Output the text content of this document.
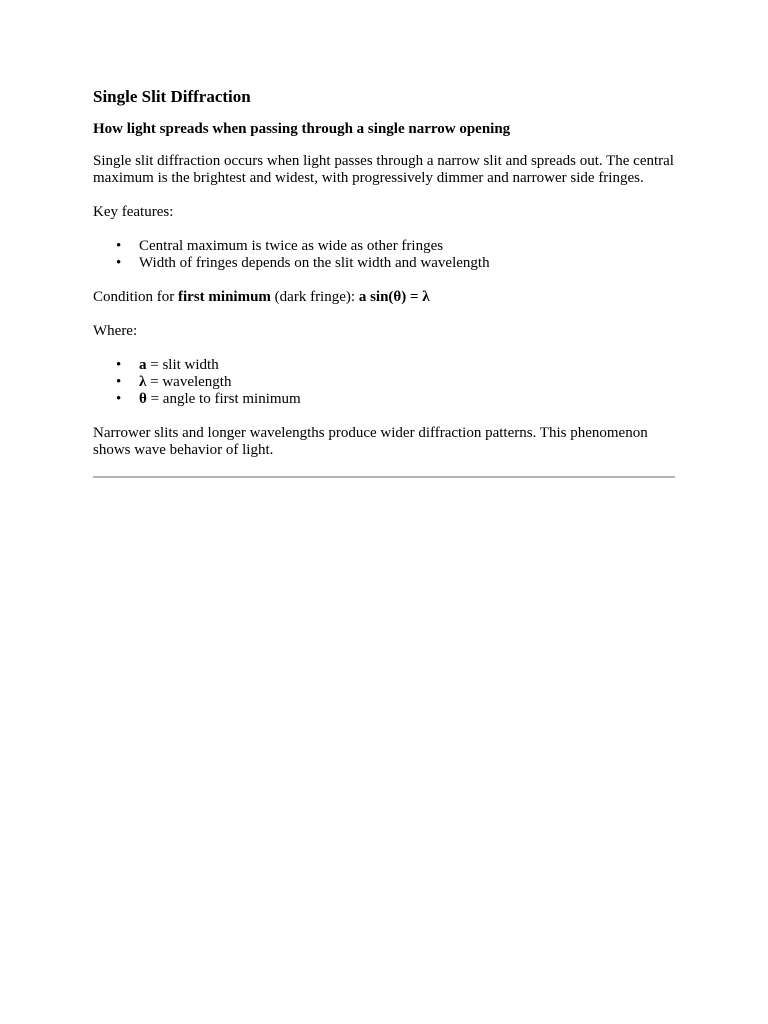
Single Slit Diffraction
How light spreads when passing through a single narrow opening

Single slit diffraction occurs when light passes through a narrow slit and spreads out. The central maximum is the brightest and widest, with progressively dimmer and narrower side fringes.

Key features:

• Central maximum is twice as wide as other fringes
• Width of fringes depends on the slit width and wavelength

Condition for first minimum (dark fringe): a sin(θ) = λ

Where:

• a = slit width
• λ = wavelength
• θ = angle to first minimum

Narrower slits and longer wavelengths produce wider diffraction patterns. This phenomenon shows wave behavior of light.
